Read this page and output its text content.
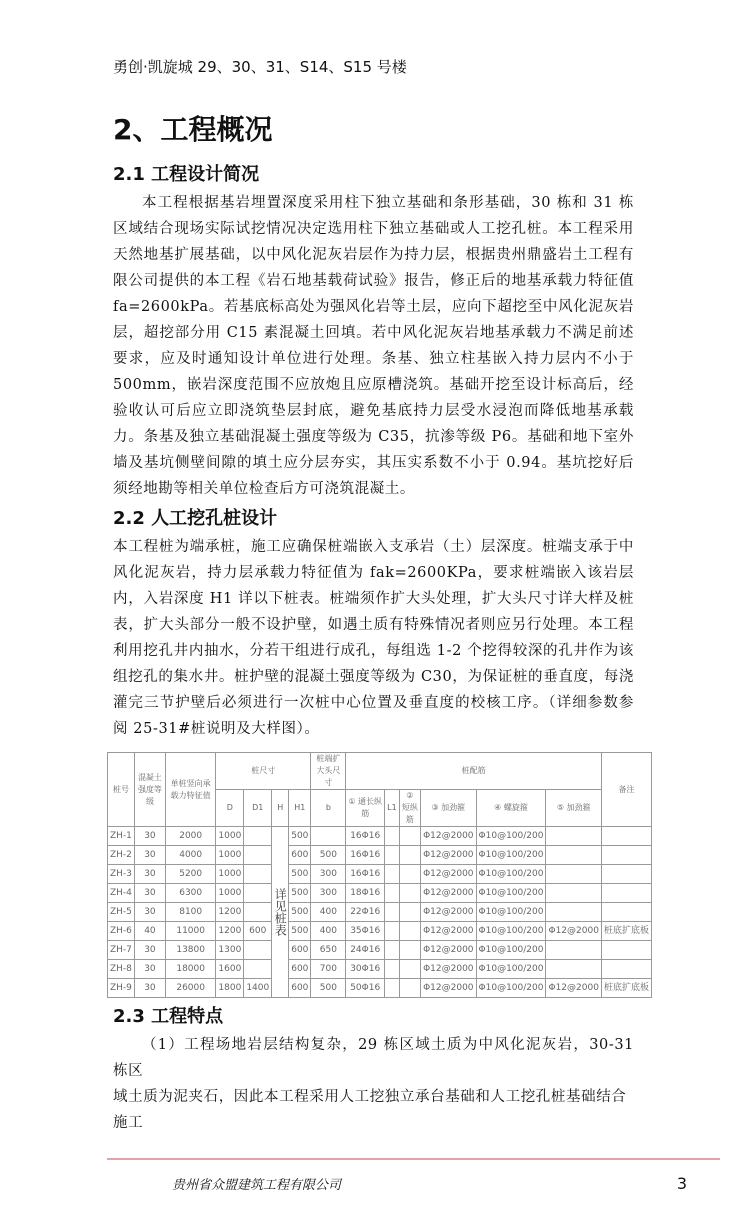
勇创·凯旋城 29、30、31、S14、S15 号楼
2、工程概况
2.1 工程设计简况

本工程根据基岩埋置深度采用柱下独立基础和条形基础，30 栋和 31 栋区域结合现场实际试挖情况决定选用柱下独立基础或人工挖孔桩。本工程采用天然地基扩展基础，以中风化泥灰岩层作为持力层，根据贵州鼎盛岩土工程有限公司提供的本工程《岩石地基载荷试验》报告，修正后的地基承载力特征值 fa=2600kPa。若基底标高处为强风化岩等土层，应向下超挖至中风化泥灰岩层，超挖部分用 C15 素混凝土回填。若中风化泥灰岩地基承载力不满足前述要求，应及时通知设计单位进行处理。条基、独立柱基嵌入持力层内不小于 500mm，嵌岩深度范围不应放炮且应原槽浇筑。基础开挖至设计标高后，经验收认可后应立即浇筑垫层封底，避免基底持力层受水浸泡而降低地基承载力。条基及独立基础混凝土强度等级为 C35，抗渗等级 P6。基础和地下室外墙及基坑侧壁间隙的填土应分层夯实，其压实系数不小于 0.94。基坑挖好后须经地勘等相关单位检查后方可浇筑混凝土。

2.2 人工挖孔桩设计

本工程桩为端承桩，施工应确保桩端嵌入支承岩（土）层深度。桩端支承于中风化泥灰岩，持力层承载力特征值为 fak=2600KPa，要求桩端嵌入该岩层内，入岩深度 H1 详以下桩表。桩端须作扩大头处理，扩大头尺寸详大样及桩表，扩大头部分一般不设护壁，如遇土质有特殊情况者则应另行处理。本工程利用挖孔井内抽水，分若干组进行成孔，每组选 1-2 个挖得较深的孔井作为该组挖孔的集水井。桩护壁的混凝土强度等级为 C30，为保证桩的垂直度，每浇灌完三节护壁后必须进行一次桩中心位置及垂直度的校核工序。（详细参数参阅 25-31#桩说明及大样图）。

桩号	混凝土强度等级	单桩竖向承载力特征值	桩尺寸				桩端扩大头尺寸	桩配筋						备注
			D	D1	H	H1	b	① 通长纵筋	L1	② 短纵筋	③ 加劲箍	④ 螺旋箍	⑤ 加劲箍	
ZH-1	30	2000	1000		详见桩表	500		16Φ16			Φ12@2000	Φ10@100/200		
ZH-2	30	4000	1000			600	500	16Φ16			Φ12@2000	Φ10@100/200		
ZH-3	30	5200	1000			500	300	16Φ16			Φ12@2000	Φ10@100/200		
ZH-4	30	6300	1000			500	300	18Φ16			Φ12@2000	Φ10@100/200		
ZH-5	30	8100	1200			500	400	22Φ16			Φ12@2000	Φ10@100/200		
ZH-6	40	11000	1200	600		500	400	35Φ16			Φ12@2000	Φ10@100/200	Φ12@2000	桩底扩底板
ZH-7	30	13800	1300			600	650	24Φ16			Φ12@2000	Φ10@100/200		
ZH-8	30	18000	1600			600	700	30Φ16			Φ12@2000	Φ10@100/200		
ZH-9	30	26000	1800	1400		600	500	50Φ16			Φ12@2000	Φ10@100/200	Φ12@2000	桩底扩底板
2.3 工程特点

（1）工程场地岩层结构复杂，29 栋区域土质为中风化泥灰岩，30-31 栋区

域土质为泥夹石，因此本工程采用人工挖独立承台基础和人工挖孔桩基础结合

施工

贵州省众盟建筑工程有限公司	3
